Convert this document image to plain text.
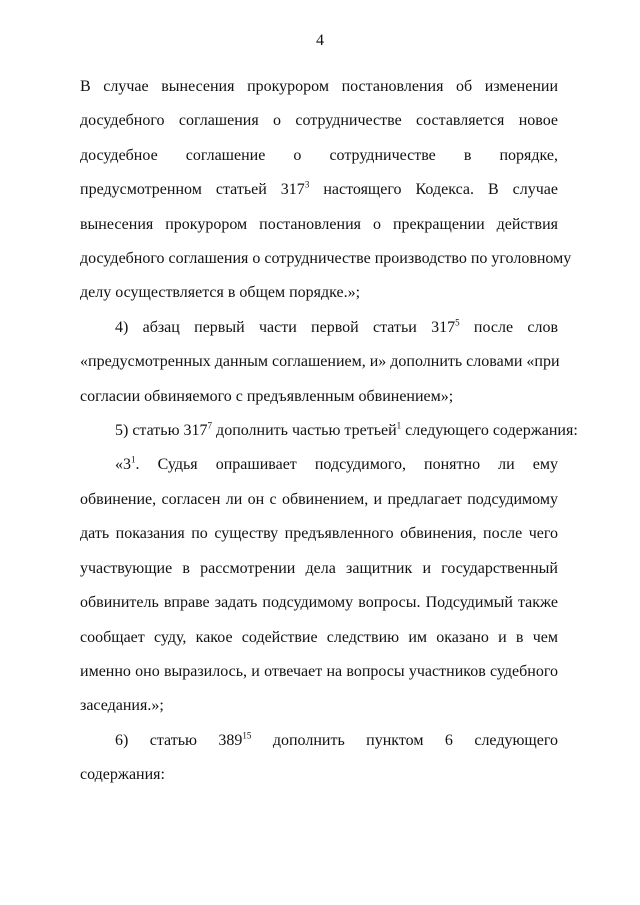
4
В случае вынесения прокурором постановления об изменении
досудебного соглашения о сотрудничестве составляется новое
досудебное соглашение о сотрудничестве в порядке,
предусмотренном статьей $317^3$ настоящего Кодекса. В случае
вынесения прокурором постановления о прекращении действия
досудебного соглашения о сотрудничестве производство по уголовному
делу осуществляется в общем порядке.»;
4) абзац первый части первой статьи $317^5$ после слов
«предусмотренных данным соглашением, и» дополнить словами «при
согласии обвиняемого с предъявленным обвинением»;
5) статью $317^7$ дополнить частью третьей$^1$ следующего содержания:
«$3^1$. Судья опрашивает подсудимого, понятно ли ему
обвинение, согласен ли он с обвинением, и предлагает подсудимому
дать показания по существу предъявленного обвинения, после чего
участвующие в рассмотрении дела защитник и государственный
обвинитель вправе задать подсудимому вопросы. Подсудимый также
сообщает суду, какое содействие следствию им оказано и в чем
именно оно выразилось, и отвечает на вопросы участников судебного
заседания.»;
6) статью $389^{15}$ дополнить пунктом 6 следующего
содержания:
